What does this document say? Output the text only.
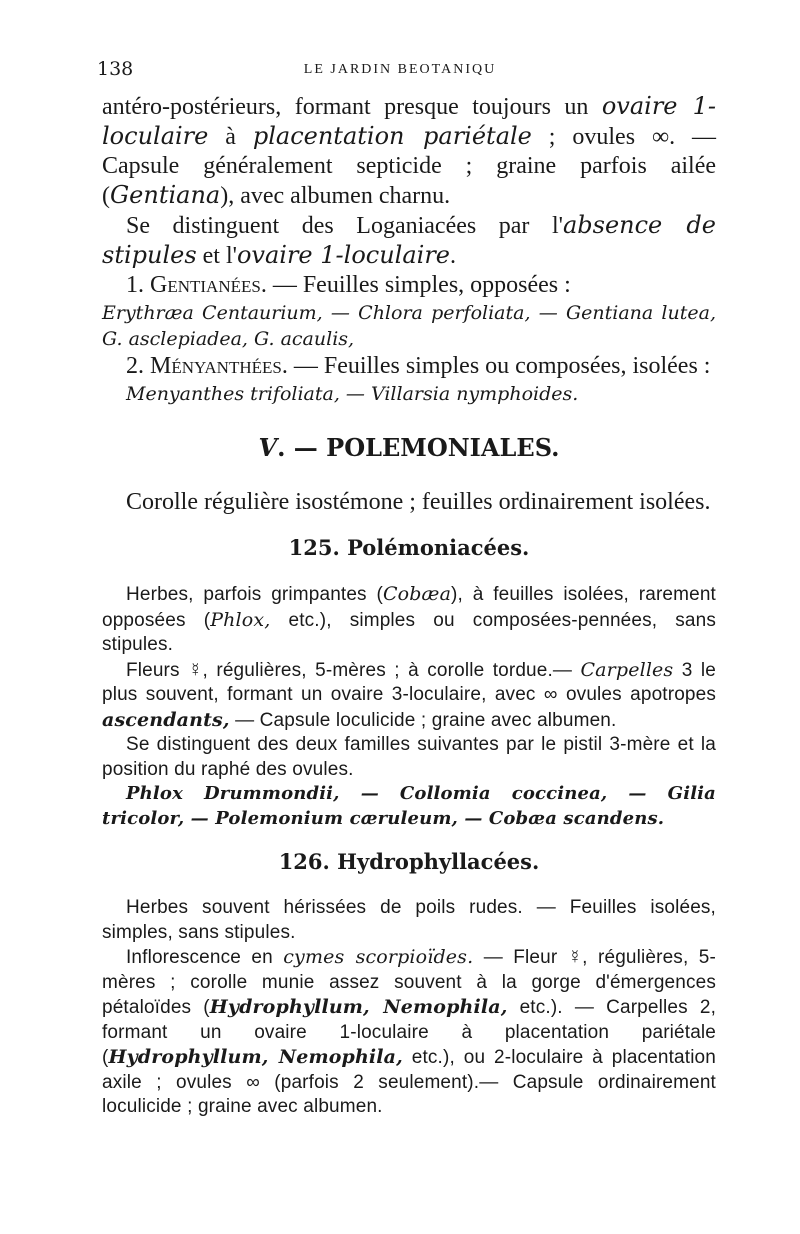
138	LE JARDIN BEOTANIQU

antéro-postérieurs, formant presque toujours un ovaire 1-loculaire à placentation pariétale ; ovules ∞. — Capsule généralement septicide ; graine parfois ailée (Gentiana), avec albumen charnu.

Se distinguent des Loganiacées par l'absence de stipules et l'ovaire 1-loculaire.

1. Gentianées. — Feuilles simples, opposées :

Erythræa Centaurium, — Chlora perfoliata, — Gentiana lutea, G. asclepiadea, G. acaulis,

2. Ményanthées. — Feuilles simples ou composées, isolées :

Menyanthes trifoliata, — Villarsia nymphoides.

V. — POLEMONIALES.

Corolle régulière isostémone ; feuilles ordinairement isolées.

125. Polémoniacées.

Herbes, parfois grimpantes (Cobæa), à feuilles isolées, rarement opposées (Phlox, etc.), simples ou composées-pennées, sans stipules.

Fleurs ☿, régulières, 5-mères ; à corolle tordue.— Carpelles 3 le plus souvent, formant un ovaire 3-loculaire, avec ∞ ovules apotropes ascendants, — Capsule loculicide ; graine avec albumen.

Se distinguent des deux familles suivantes par le pistil 3-mère et la position du raphé des ovules.

Phlox Drummondii, — Collomia coccinea, — Gilia tricolor, — Polemonium cæruleum, — Cobæa scandens.

126. Hydrophyllacées.

Herbes souvent hérissées de poils rudes. — Feuilles isolées, simples, sans stipules.

Inflorescence en cymes scorpioïdes. — Fleur ☿, régulières, 5-mères ; corolle munie assez souvent à la gorge d'émergences pétaloïdes (Hydrophyllum, Nemophila, etc.). — Carpelles 2, formant un ovaire 1-loculaire à placentation pariétale (Hydrophyllum, Nemophila, etc.), ou 2-loculaire à placentation axile ; ovules ∞ (parfois 2 seulement).— Capsule ordinairement loculicide ; graine avec albumen.
